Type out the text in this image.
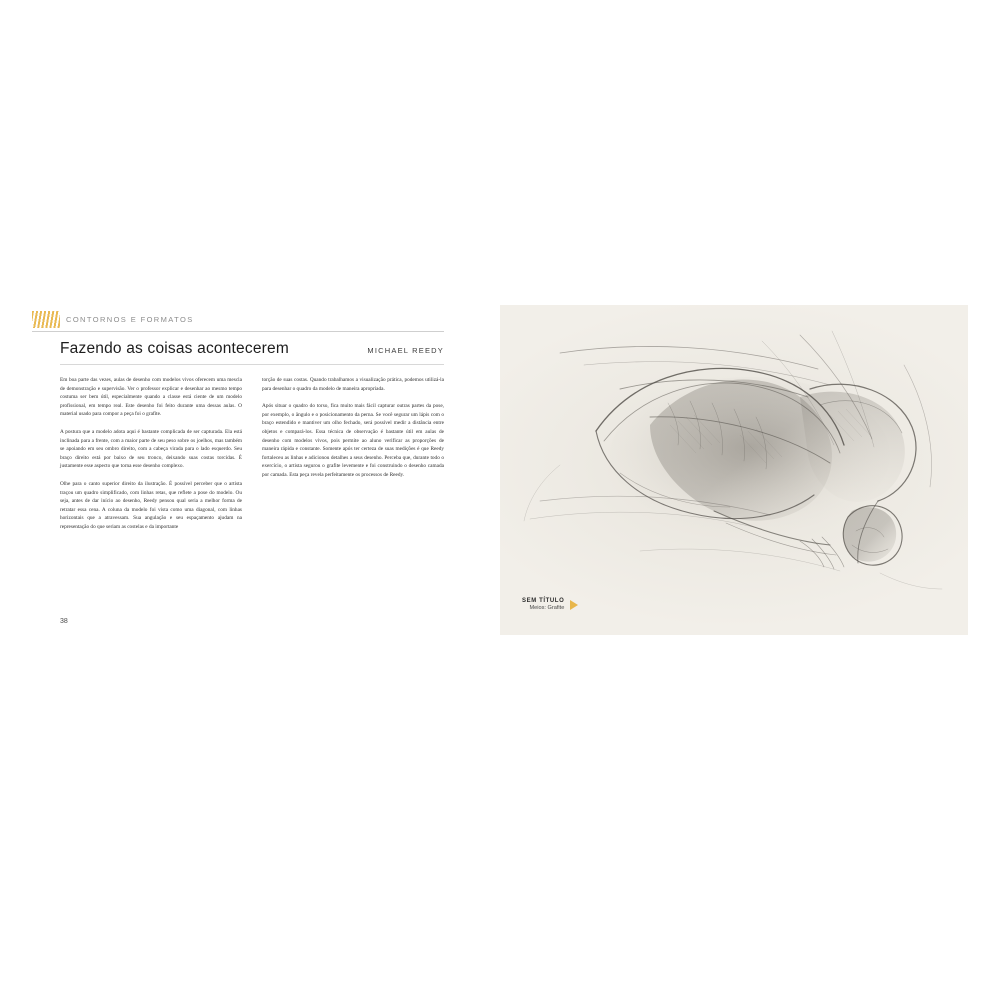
CONTORNOS E FORMATOS
Fazendo as coisas acontecerem	MICHAEL REEDY

Em boa parte das vezes, aulas de desenho com modelos vivos oferecem uma mescla de demonstração e supervisão. Ver o professor explicar e desenhar ao mesmo tempo costuma ser bem útil, especialmente quando a classe está ciente de um modelo profissional, em tempo real. Este desenho foi feito durante uma dessas aulas. O material usado para compor a peça foi o grafite.

A postura que a modelo adota aqui é bastante complicada de ser capturada. Ela está inclinada para a frente, com a maior parte de seu peso sobre os joelhos, mas também se apoiando em seu ombro direito, com a cabeça virada para o lado esquerdo. Seu braço direito está por baixo de seu tronco, deixando suas costas torcidas. É justamente esse aspecto que torna esse desenho complexo.

Olhe para o canto superior direito da ilustração. É possível perceber que o artista traçou um quadro simplificado, com linhas retas, que reflete a pose do modelo. Ou seja, antes de dar início ao desenho, Reedy pensou qual seria a melhor forma de retratar essa cena. A coluna da modelo foi vista como uma diagonal, com linhas horizontais que a atravessam. Sua angulação e seu espaçamento ajudam na representação do que seriam as costelas e da importante

torção de suas costas. Quando trabalhamos a visualização prática, podemos utilizá-la para desenhar o quadro da modelo de maneira apropriada.

Após situar o quadro do torso, fica muito mais fácil capturar outras partes da pose, por exemplo, o ângulo e o posicionamento da perna. Se você segurar um lápis com o braço estendido e mantiver um olho fechado, será possível medir a distância entre objetos e compará-los. Essa técnica de observação é bastante útil em aulas de desenho com modelos vivos, pois permite ao aluno verificar as proporções de maneira rápida e constante. Somente após ter certeza de suas medições é que Reedy fortaleceu as linhas e adicionou detalhes a seus desenho. Perceba que, durante todo o exercício, o artista segurou o grafite levemente e foi construindo o desenho camada por camada. Esta peça revela perfeitamente os processos de Reedy.

38
SEM TÍTULO
Meios: Grafite
